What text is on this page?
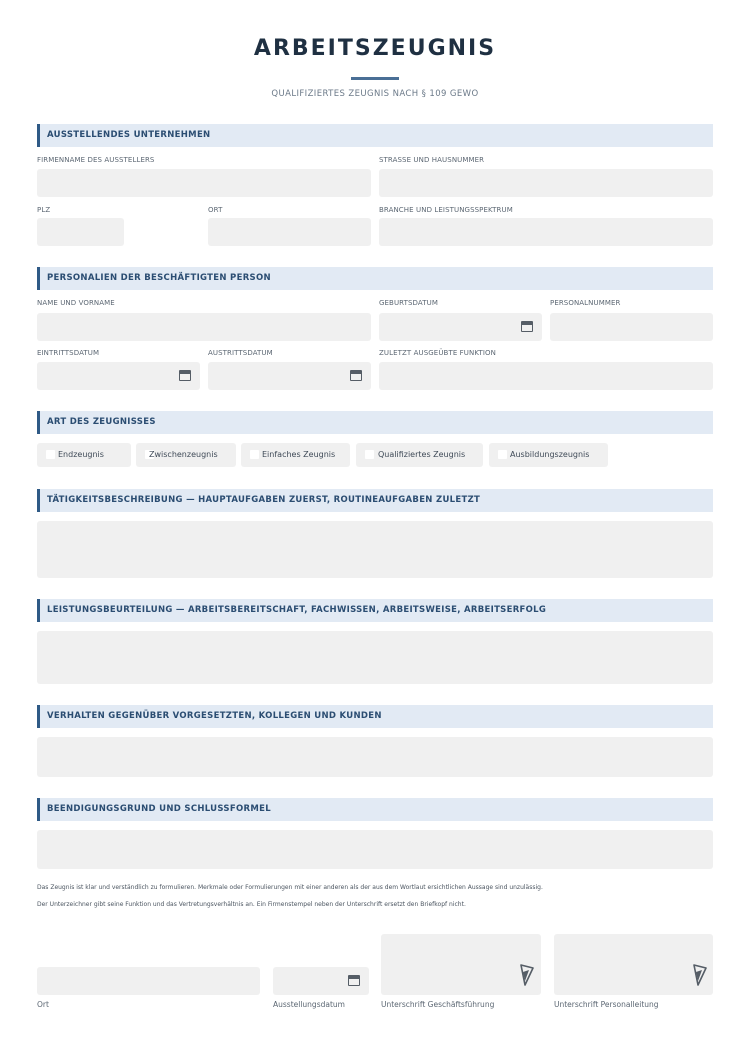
ARBEITSZEUGNIS
QUALIFIZIERTES ZEUGNIS NACH § 109 GEWO
AUSSTELLENDES UNTERNEHMEN
FIRMENNAME DES AUSSTELLERS	STRASSE UND HAUSNUMMER
PLZ	ORT	BRANCHE UND LEISTUNGSSPEKTRUM
PERSONALIEN DER BESCHÄFTIGTEN PERSON
NAME UND VORNAME	GEBURTSDATUM	PERSONALNUMMER
EINTRITTSDATUM	AUSTRITTSDATUM	ZULETZT AUSGEÜBTE FUNKTION
ART DES ZEUGNISSES
Endzeugnis	Zwischenzeugnis	Einfaches Zeugnis	Qualifiziertes Zeugnis	Ausbildungszeugnis
TÄTIGKEITSBESCHREIBUNG — HAUPTAUFGABEN ZUERST, ROUTINEAUFGABEN ZULETZT
LEISTUNGSBEURTEILUNG — ARBEITSBEREITSCHAFT, FACHWISSEN, ARBEITSWEISE, ARBEITSERFOLG
VERHALTEN GEGENÜBER VORGESETZTEN, KOLLEGEN UND KUNDEN
BEENDIGUNGSGRUND UND SCHLUSSFORMEL
Das Zeugnis ist klar und verständlich zu formulieren. Merkmale oder Formulierungen mit einer anderen als der aus dem Wortlaut ersichtlichen Aussage sind unzulässig.
Der Unterzeichner gibt seine Funktion und das Vertretungsverhältnis an. Ein Firmenstempel neben der Unterschrift ersetzt den Briefkopf nicht.
Ort	Ausstellungsdatum	Unterschrift Geschäftsführung	Unterschrift Personalleitung
